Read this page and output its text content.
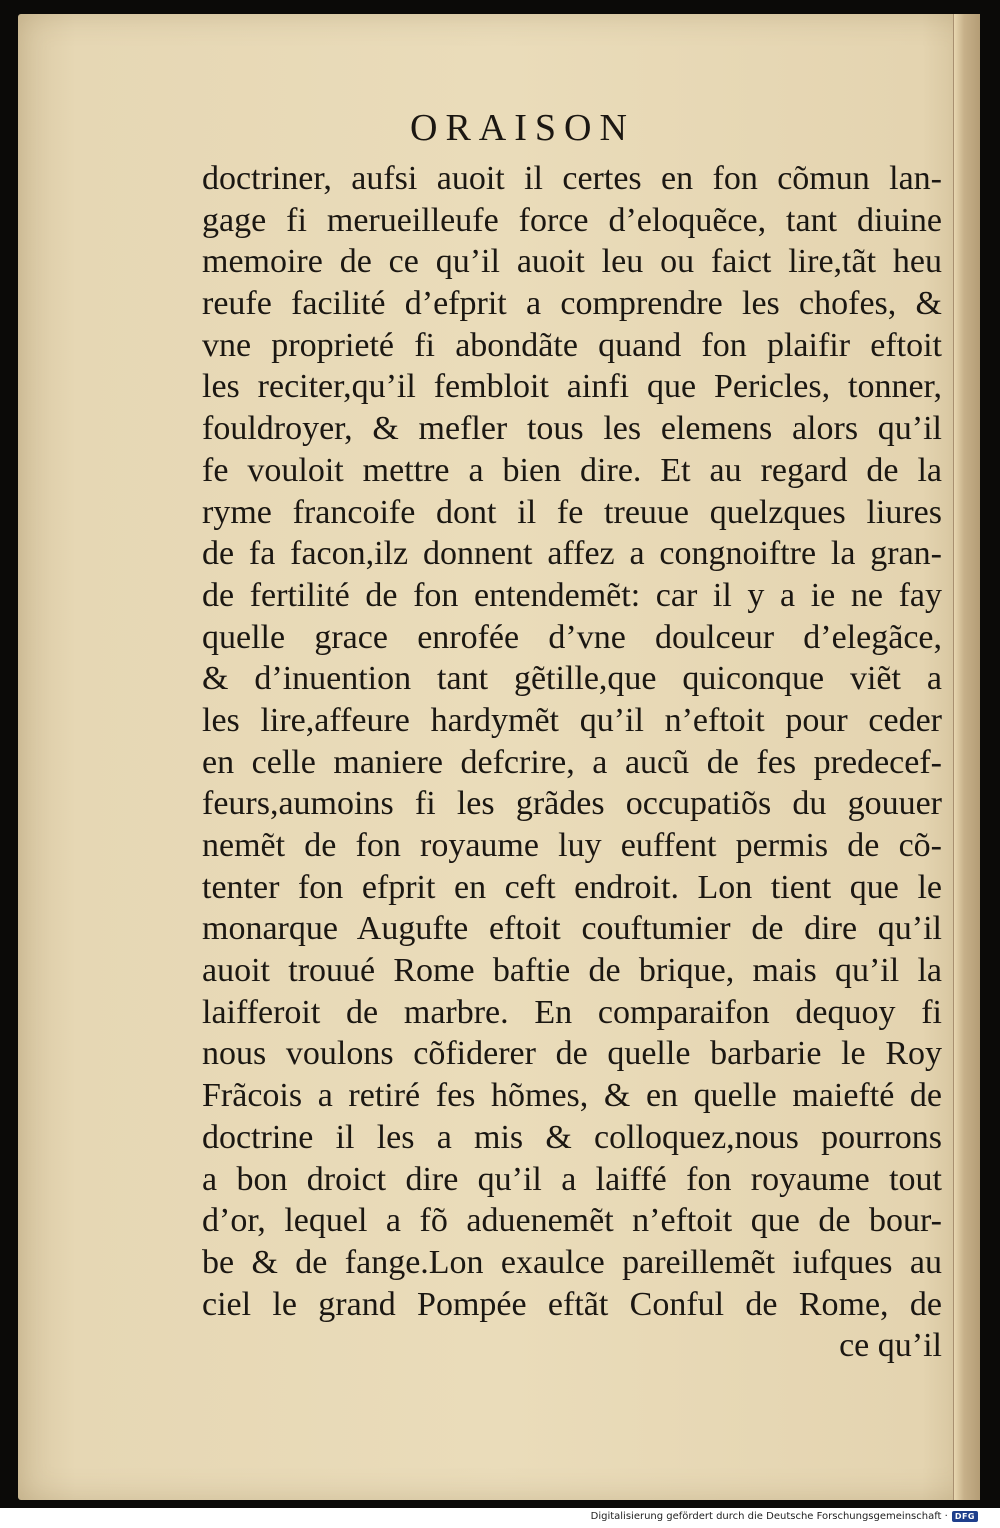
ORAISON
doctriner, aufsi auoit il certes en fon cõmun lan-
gage fi merueilleufe force d’eloquẽce, tant diuine
memoire de ce qu’il auoit leu ou faict lire,tãt heu
reufe facilité d’efprit a comprendre les chofes, &
vne proprieté fi abondãte quand fon plaifir eftoit
les reciter,qu’il fembloit ainfi que Pericles, tonner,
fouldroyer, & mefler tous les elemens alors qu’il
fe vouloit mettre a bien dire. Et au regard de la
ryme francoife dont il fe treuue quelzques liures
de fa facon,ilz donnent affez a congnoiftre la gran-
de fertilité de fon entendemẽt: car il y a ie ne fay
quelle grace enrofée d’vne doulceur d’elegãce,
& d’inuention tant gẽtille,que quiconque viẽt a
les lire,affeure hardymẽt qu’il n’eftoit pour ceder
en celle maniere defcrire, a aucũ de fes predecef-
feurs,aumoins fi les grãdes occupatiõs du gouuer
nemẽt de fon royaume luy euffent permis de cõ-
tenter fon efprit en ceft endroit. Lon tient que le
monarque Augufte eftoit couftumier de dire qu’il
auoit trouué Rome baftie de brique, mais qu’il la
laifferoit de marbre. En comparaifon dequoy fi
nous voulons cõfiderer de quelle barbarie le Roy
Frãcois a retiré fes hõmes, & en quelle maiefté de
doctrine il les a mis & colloquez,nous pourrons
a bon droict dire qu’il a laiffé fon royaume tout
d’or, lequel a fõ aduenemẽt n’eftoit que de bour-
be & de fange.Lon exaulce pareillemẽt iufques au
ciel le grand Pompée eftãt Conful de Rome, de
ce qu’il
Digitalisierung gefördert durch die Deutsche Forschungsgemeinschaft · DFG
